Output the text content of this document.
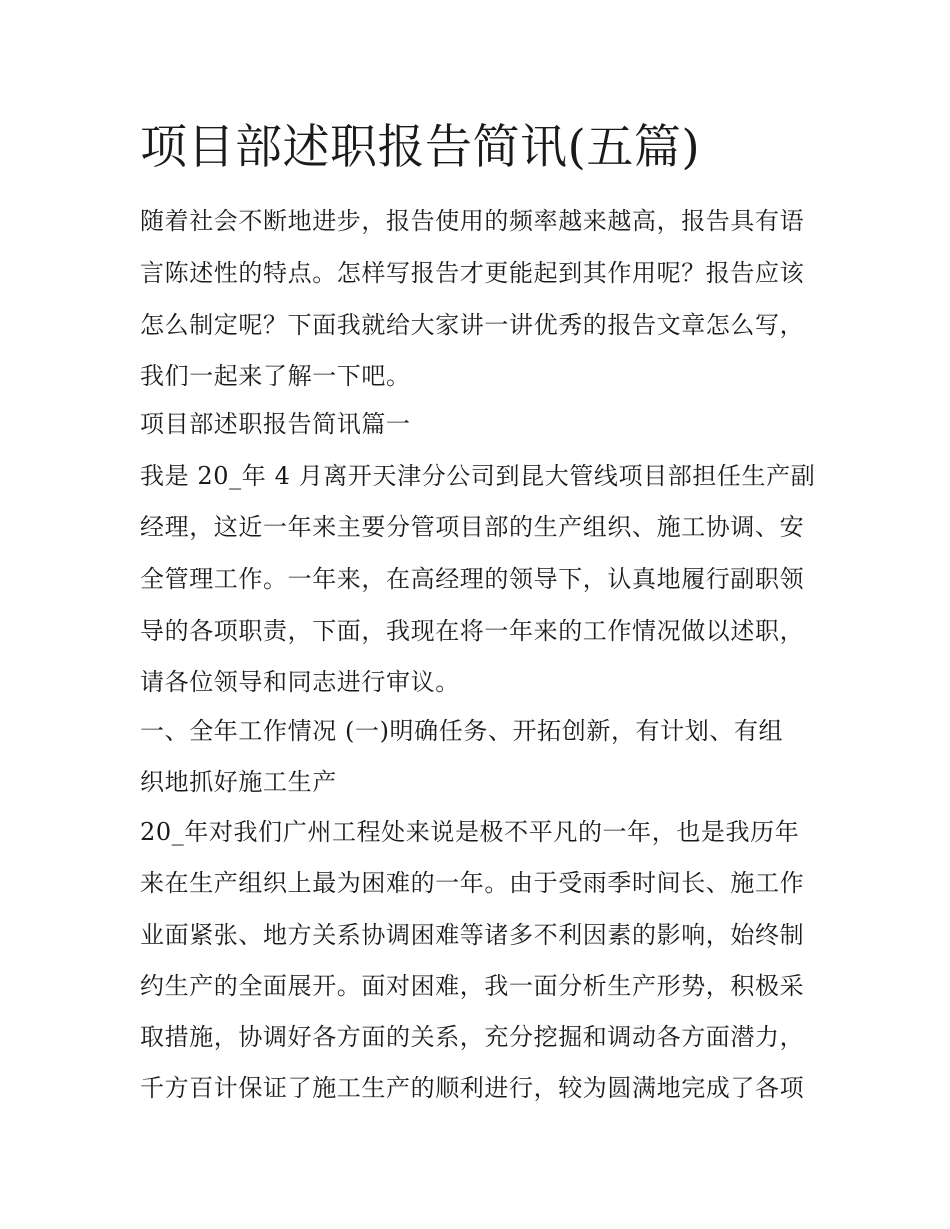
项目部述职报告简讯(五篇)

随着社会不断地进步，报告使用的频率越来越高，报告具有语

言陈述性的特点。怎样写报告才更能起到其作用呢？报告应该

怎么制定呢？下面我就给大家讲一讲优秀的报告文章怎么写，

我们一起来了解一下吧。

项目部述职报告简讯篇一

我是 20_年 4 月离开天津分公司到昆大管线项目部担任生产副

经理，这近一年来主要分管项目部的生产组织、施工协调、安

全管理工作。一年来，在高经理的领导下，认真地履行副职领

导的各项职责，下面，我现在将一年来的工作情况做以述职，

请各位领导和同志进行审议。

一、全年工作情况 (一)明确任务、开拓创新，有计划、有组

织地抓好施工生产

20_年对我们广州工程处来说是极不平凡的一年，也是我历年

来在生产组织上最为困难的一年。由于受雨季时间长、施工作

业面紧张、地方关系协调困难等诸多不利因素的影响，始终制

约生产的全面展开。面对困难，我一面分析生产形势，积极采

取措施，协调好各方面的关系，充分挖掘和调动各方面潜力，

千方百计保证了施工生产的顺利进行，较为圆满地完成了各项
